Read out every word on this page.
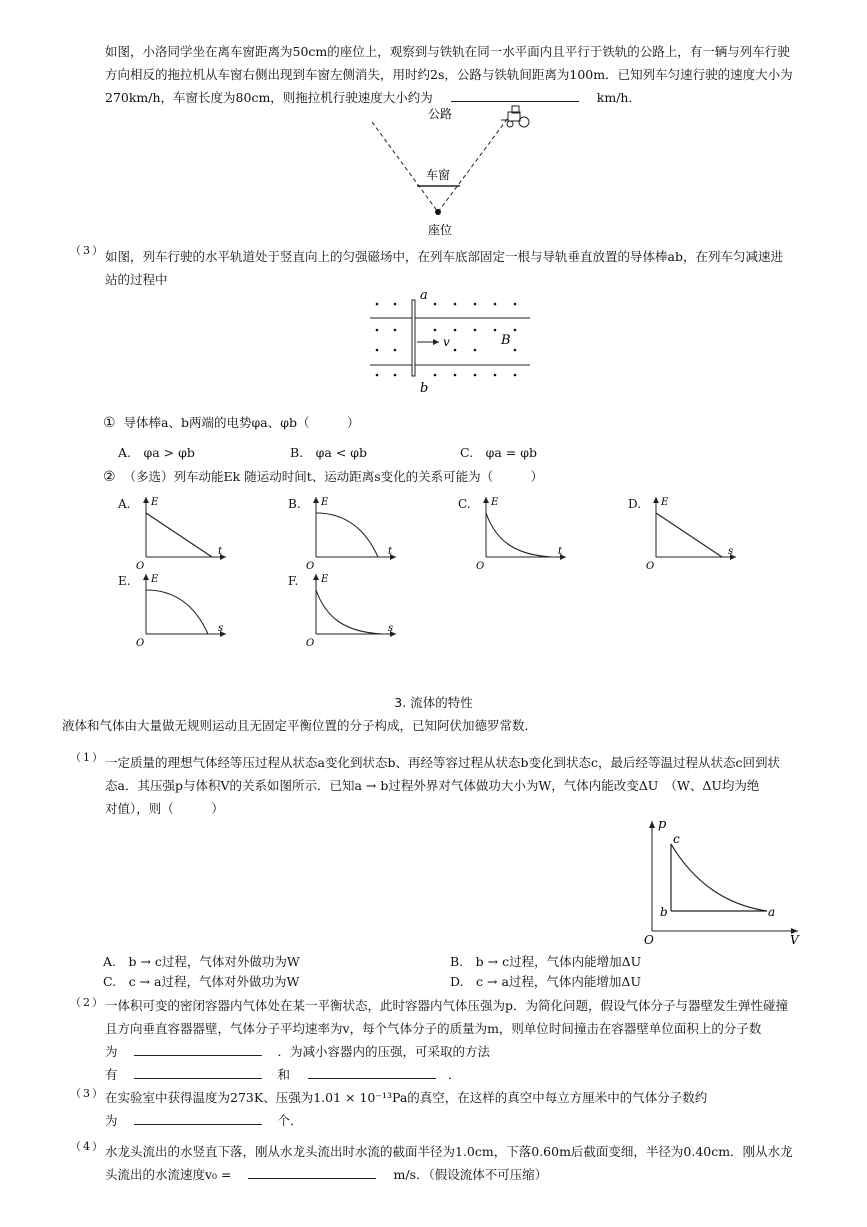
如图，小洛同学坐在离车窗距离为50cm的座位上，观察到与铁轨在同一水平面内且平行于铁轨的公路上，有一辆与列车行驶
方向相反的拖拉机从车窗右侧出现到车窗左侧消失，用时约2s，公路与铁轨间距离为100m．已知列车匀速行驶的速度大小为
270km/h，车窗长度为80cm，则拖拉机行驶速度大小约为	km/h．
公路
车窗
座位
（3） 如图，列车行驶的水平轨道处于竖直向上的匀强磁场中，在列车底部固定一根与导轨垂直放置的导体棒ab，在列车匀减速进
站的过程中
a
b
v	B
① 导体棒a、b两端的电势φa、φb（　　　）
A.　φa > φb	B.　φa < φb	C.　φa = φb
② （多选）列车动能Ek 随运动时间t、运动距离s变化的关系可能为（　　　）
A. E
t
O
B. E
t
O
C. E
t
O
D. E
s
O
E. E
s
O
F. E
s
O
3. 流体的特性
液体和气体由大量做无规则运动且无固定平衡位置的分子构成，已知阿伏加德罗常数．
（1） 一定质量的理想气体经等压过程从状态a变化到状态b、再经等容过程从状态b变化到状态c，最后经等温过程从状态c回到状
态a．其压强p与体积V的关系如图所示．已知a → b过程外界对气体做功大小为W，气体内能改变ΔU　（W、ΔU均为绝
对值），则（　　　）
p
V
O
c
b	a
A.　b → c过程，气体对外做功为W	B.　b → c过程，气体内能增加ΔU
C.　c → a过程，气体对外做功为W	D.　c → a过程，气体内能增加ΔU
（2） 一体积可变的密闭容器内气体处在某一平衡状态，此时容器内气体压强为p．为简化问题，假设气体分子与器壁发生弹性碰撞
且方向垂直容器器壁，气体分子平均速率为v，每个气体分子的质量为m，则单位时间撞击在容器壁单位面积上的分子数
为	．为减小容器内的压强，可采取的方法
有	和	．
（3） 在实验室中获得温度为273K、压强为1.01 × 10⁻¹³Pa的真空，在这样的真空中每立方厘米中的气体分子数约
为	个．
（4） 水龙头流出的水竖直下落，刚从水龙头流出时水流的截面半径为1.0cm，下落0.60m后截面变细，半径为0.40cm．刚从水龙
头流出的水流速度v₀ =	m/s．（假设流体不可压缩）
